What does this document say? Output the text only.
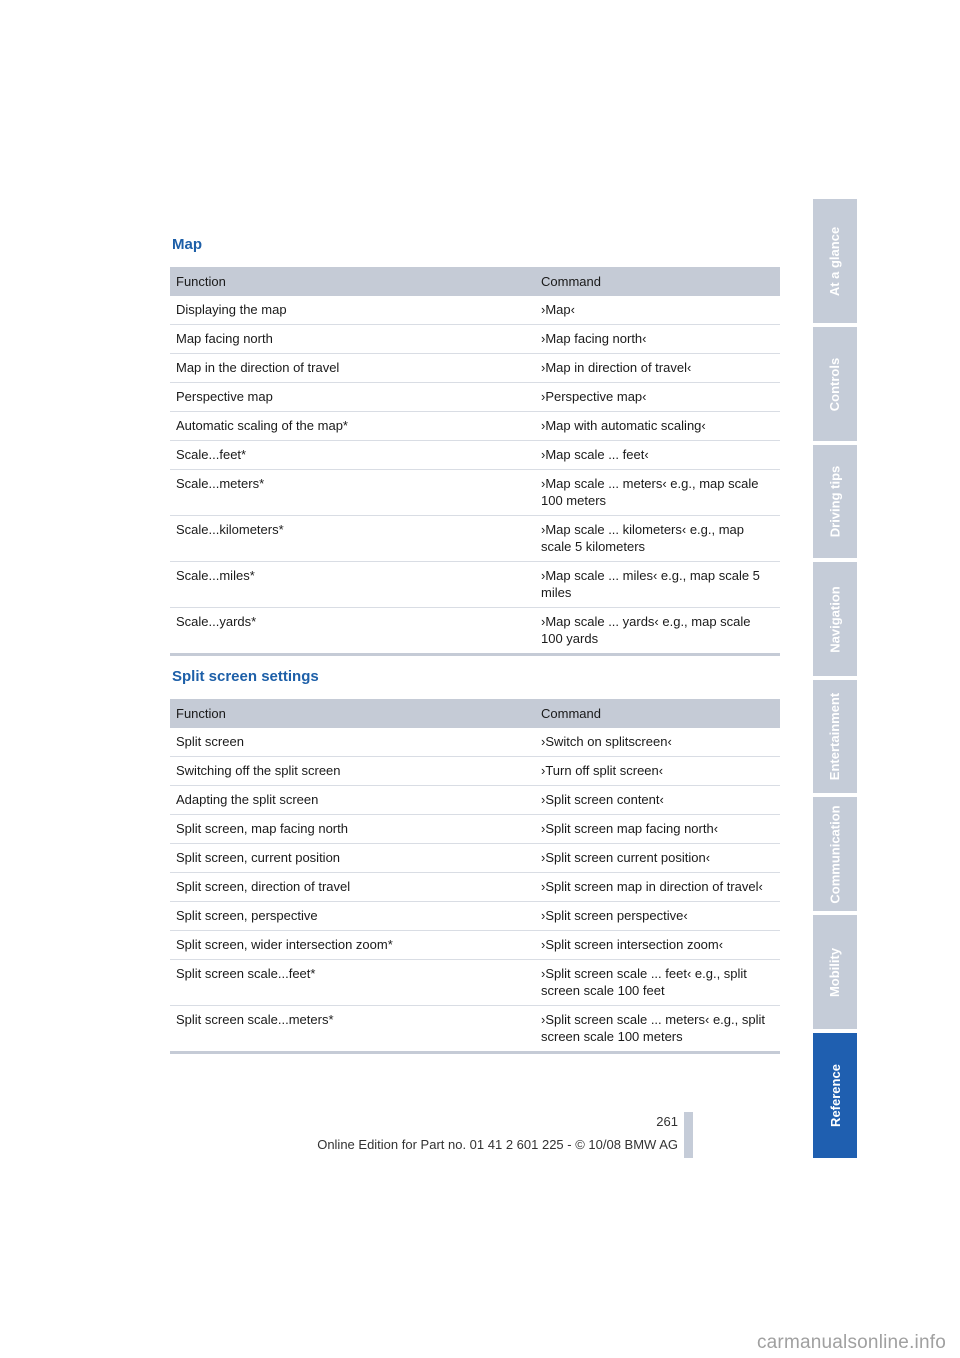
Map
Function	Command
Displaying the map	›Map‹
Map facing north	›Map facing north‹
Map in the direction of travel	›Map in direction of travel‹
Perspective map	›Perspective map‹
Automatic scaling of the map*	›Map with automatic scaling‹
Scale...feet*	›Map scale ... feet‹
Scale...meters*	›Map scale ... meters‹ e.g., map scale 100 meters
Scale...kilometers*	›Map scale ... kilometers‹ e.g., map scale 5 kilometers
Scale...miles*	›Map scale ... miles‹ e.g., map scale 5 miles
Scale...yards*	›Map scale ... yards‹ e.g., map scale 100 yards
Split screen settings
Function	Command
Split screen	›Switch on splitscreen‹
Switching off the split screen	›Turn off split screen‹
Adapting the split screen	›Split screen content‹
Split screen, map facing north	›Split screen map facing north‹
Split screen, current position	›Split screen current position‹
Split screen, direction of travel	›Split screen map in direction of travel‹
Split screen, perspective	›Split screen perspective‹
Split screen, wider intersection zoom*	›Split screen intersection zoom‹
Split screen scale...feet*	›Split screen scale ... feet‹ e.g., split screen scale 100 feet
Split screen scale...meters*	›Split screen scale ... meters‹ e.g., split screen scale 100 meters
At a glance
Controls
Driving tips
Navigation
Entertainment
Communication
Mobility
Reference
261
Online Edition for Part no. 01 41 2 601 225 - © 10/08 BMW AG
carmanualsonline.info
